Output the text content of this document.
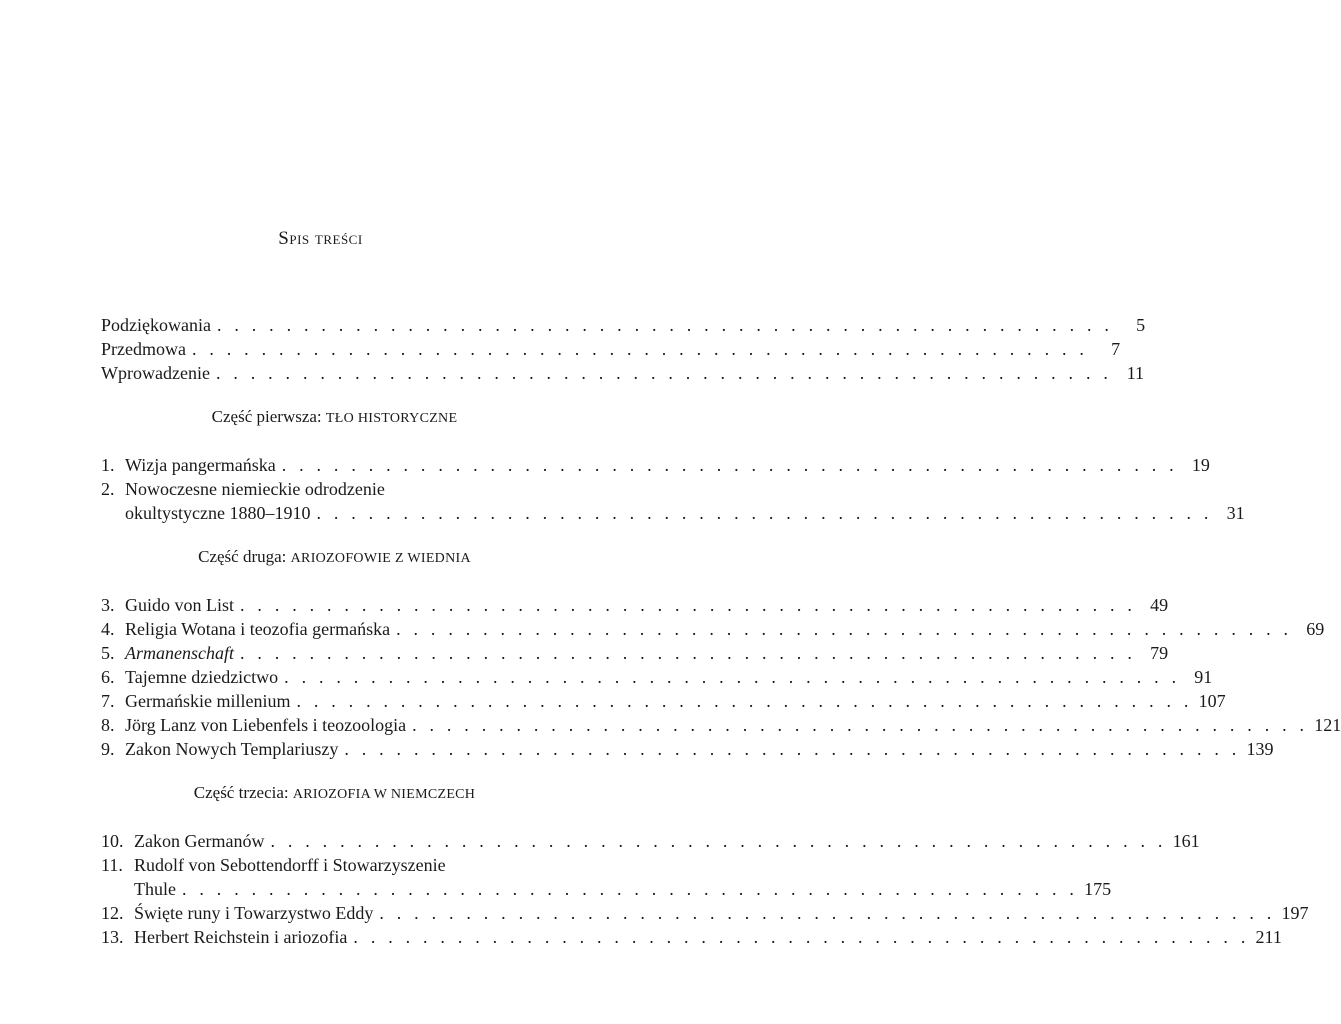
Spis treści
Podziękowania . . . . . . . . . . . . . . . . . . . . . . . . . . . . . . . . . . . . . . . . . . . . . . . . . . . .	5
Przedmowa . . . . . . . . . . . . . . . . . . . . . . . . . . . . . . . . . . . . . . . . . . . . . . . . . . . .	7
Wprowadzenie . . . . . . . . . . . . . . . . . . . . . . . . . . . . . . . . . . . . . . . . . . . . . . . . . . . . 11
Część pierwsza: TŁO HISTORYCZNE
1. Wizja pangermańska . . . . . . . . . . . . . . . . . . . . . . . . . . . . . . . . . . . . . . . . . . . . . . . . . . . . 19
2. Nowoczesne niemieckie odrodzenie
okultystyczne 1880–1910 . . . . . . . . . . . . . . . . . . . . . . . . . . . . . . . . . . . . . . . . . . . . . . . . . . . . 31
Część druga: ARIOZOFOWIE Z WIEDNIA
3. Guido von List . . . . . . . . . . . . . . . . . . . . . . . . . . . . . . . . . . . . . . . . . . . . . . . . . . . . 49
4. Religia Wotana i teozofia germańska . . . . . . . . . . . . . . . . . . . . . . . . . . . . . . . . . . . . . . . . . . . . . . . . . . . . 69
5. Armanenschaft . . . . . . . . . . . . . . . . . . . . . . . . . . . . . . . . . . . . . . . . . . . . . . . . . . . . 79
6. Tajemne dziedzictwo . . . . . . . . . . . . . . . . . . . . . . . . . . . . . . . . . . . . . . . . . . . . . . . . . . . . 91
7. Germańskie millenium . . . . . . . . . . . . . . . . . . . . . . . . . . . . . . . . . . . . . . . . . . . . . . . . . . . . 107
8. Jörg Lanz von Liebenfels i teozoologia . . . . . . . . . . . . . . . . . . . . . . . . . . . . . . . . . . . . . . . . . . . . . . . . . . . . 121
9. Zakon Nowych Templariuszy . . . . . . . . . . . . . . . . . . . . . . . . . . . . . . . . . . . . . . . . . . . . . . . . . . . . 139
Część trzecia: ARIOZOFIA W NIEMCZECH
10. Zakon Germanów . . . . . . . . . . . . . . . . . . . . . . . . . . . . . . . . . . . . . . . . . . . . . . . . . . . . 161
11. Rudolf von Sebottendorff i Stowarzyszenie
Thule . . . . . . . . . . . . . . . . . . . . . . . . . . . . . . . . . . . . . . . . . . . . . . . . . . . . 175
12. Święte runy i Towarzystwo Eddy . . . . . . . . . . . . . . . . . . . . . . . . . . . . . . . . . . . . . . . . . . . . . . . . . . . . 197
13. Herbert Reichstein i ariozofia . . . . . . . . . . . . . . . . . . . . . . . . . . . . . . . . . . . . . . . . . . . . . . . . . . . . 211
